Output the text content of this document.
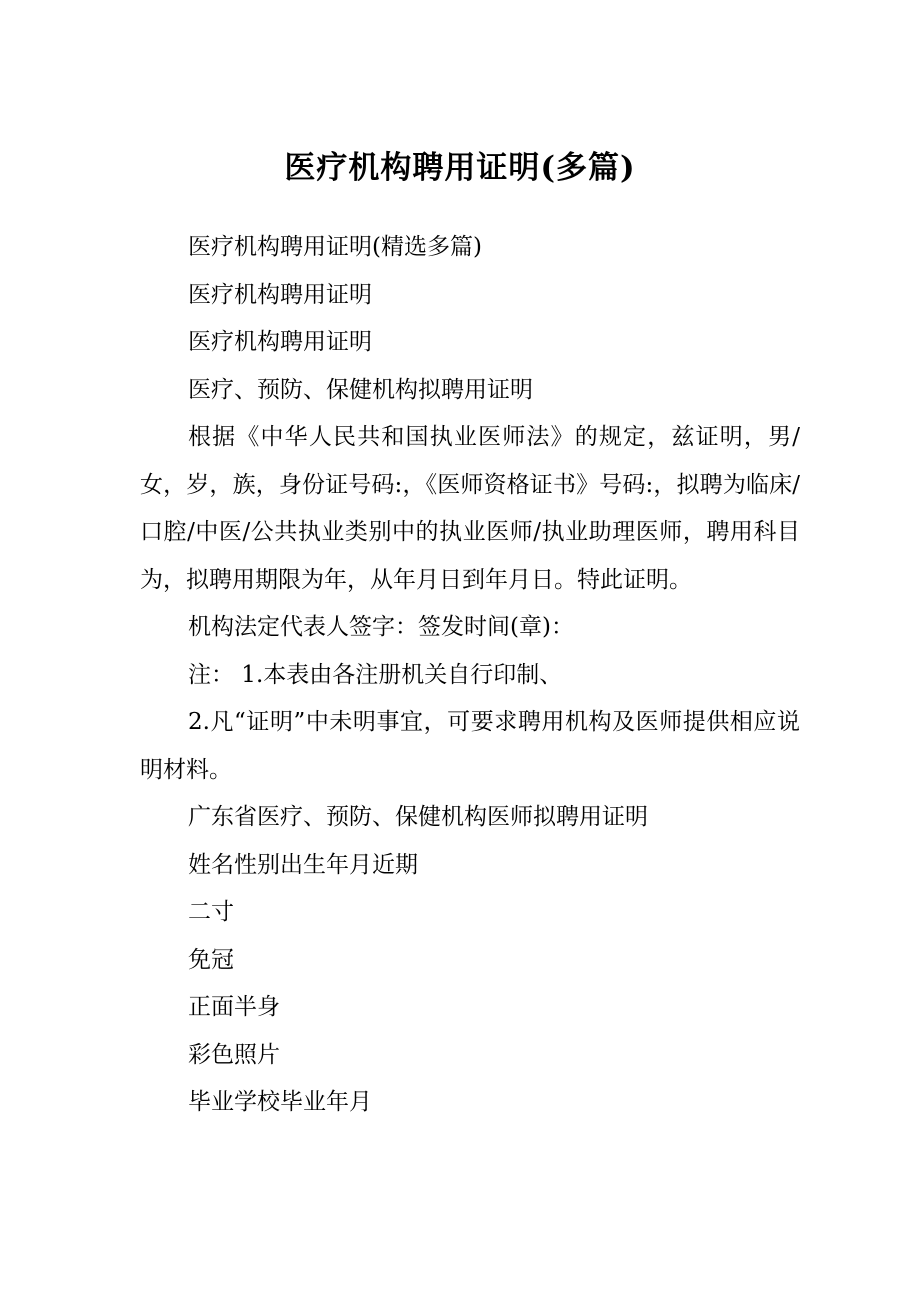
医疗机构聘用证明(多篇)

医疗机构聘用证明(精选多篇)

医疗机构聘用证明

医疗机构聘用证明

医疗、预防、保健机构拟聘用证明

根据《中华人民共和国执业医师法》的规定，兹证明，男/女，岁，族，身份证号码:，《医师资格证书》号码:，拟聘为临床/口腔/中医/公共执业类别中的执业医师/执业助理医师，聘用科目为，拟聘用期限为年，从年月日到年月日。特此证明。

机构法定代表人签字：签发时间(章)：

注： 1.本表由各注册机关自行印制、

2.凡“证明”中未明事宜，可要求聘用机构及医师提供相应说明材料。

广东省医疗、预防、保健机构医师拟聘用证明

姓名性别出生年月近期

二寸

免冠

正面半身

彩色照片

毕业学校毕业年月
